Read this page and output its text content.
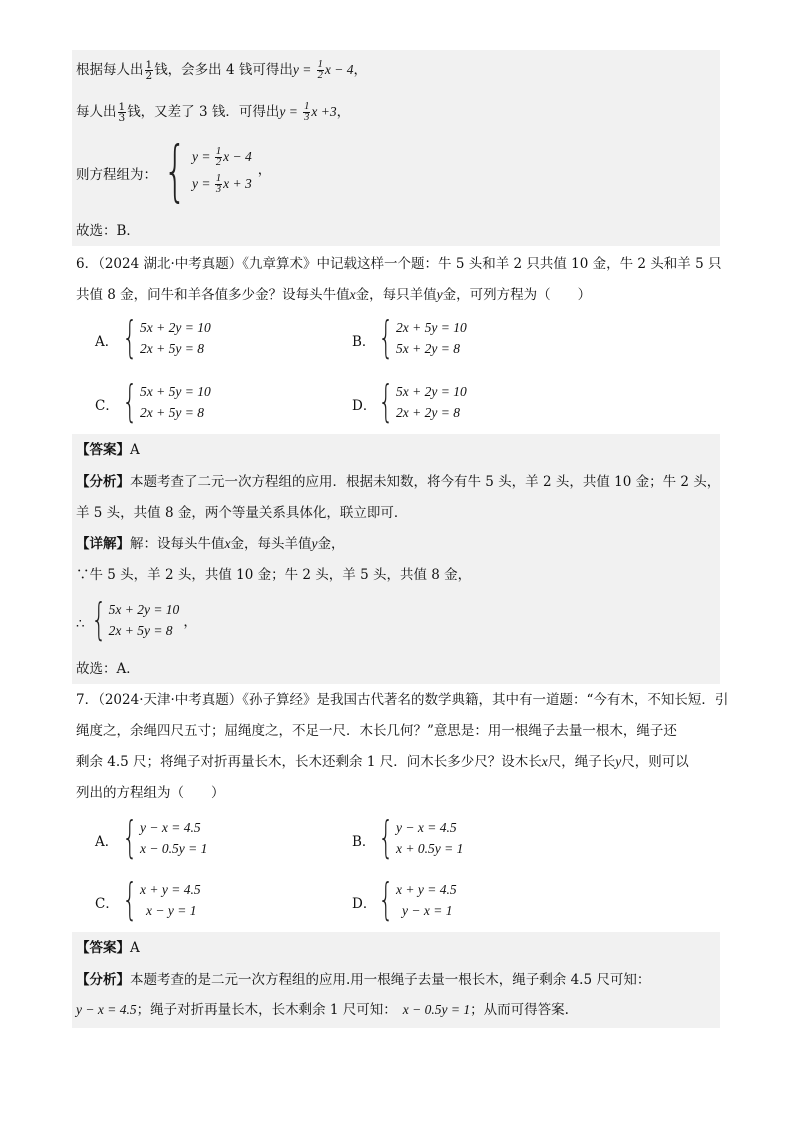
根据每人出 $\frac{1}{2}$ 钱，会多出 4 钱可得出$y = \frac{1}{2}$ x − 4，
每人出 $\frac{1}{3}$ 钱，又差了 3 钱．可得出$y = \frac{1}{3}$ x +3，
则方程组为： { $y = \frac{1}{2}$ x − 4
$y = \frac{1}{3}$ x + 3
，
故选：B．
6．（2024 湖北·中考真题）《九章算术》中记载这样一个题：牛 5 头和羊 2 只共值 10 金，牛 2 头和羊 5 只
共值 8 金，问牛和羊各值多少金？设每头牛值x金，每只羊值y金，可列方程为（　　）
A． { 5x + 2y = 10
2x + 5y = 8	B． { 2x + 5y = 10
5x + 2y = 8
C． { 5x + 5y = 10
2x + 5y = 8	D． { 5x + 2y = 10
2x + 2y = 8
【答案】A
【分析】本题考查了二元一次方程组的应用．根据未知数，将今有牛 5 头，羊 2 头，共值 10 金；牛 2 头，
羊 5 头，共值 8 金，两个等量关系具体化，联立即可．
【详解】解：设每头牛值x金，每头羊值y金，
∵牛 5 头，羊 2 头，共值 10 金；牛 2 头，羊 5 头，共值 8 金，
∴ { 5x + 2y = 10
2x + 5y = 8
，
故选：A．
7．（2024·天津·中考真题）《孙子算经》是我国古代著名的数学典籍，其中有一道题：“今有木，不知长短．引
绳度之，余绳四尺五寸；屈绳度之，不足一尺．木长几何？”意思是：用一根绳子去量一根木，绳子还
剩余 4.5 尺；将绳子对折再量长木，长木还剩余 1 尺．问木长多少尺？设木长x尺，绳子长y尺，则可以
列出的方程组为（　　）
A． { y − x = 4.5
x − 0.5y = 1	B． { y − x = 4.5
x + 0.5y = 1
C． { x + y = 4.5
x − y = 1	D． { x + y = 4.5
y − x = 1
【答案】A
【分析】本题考查的是二元一次方程组的应用.用一根绳子去量一根长木，绳子剩余 4.5 尺可知：
y − x = 4.5；绳子对折再量长木，长木剩余 1 尺可知： x − 0.5y = 1；从而可得答案.
